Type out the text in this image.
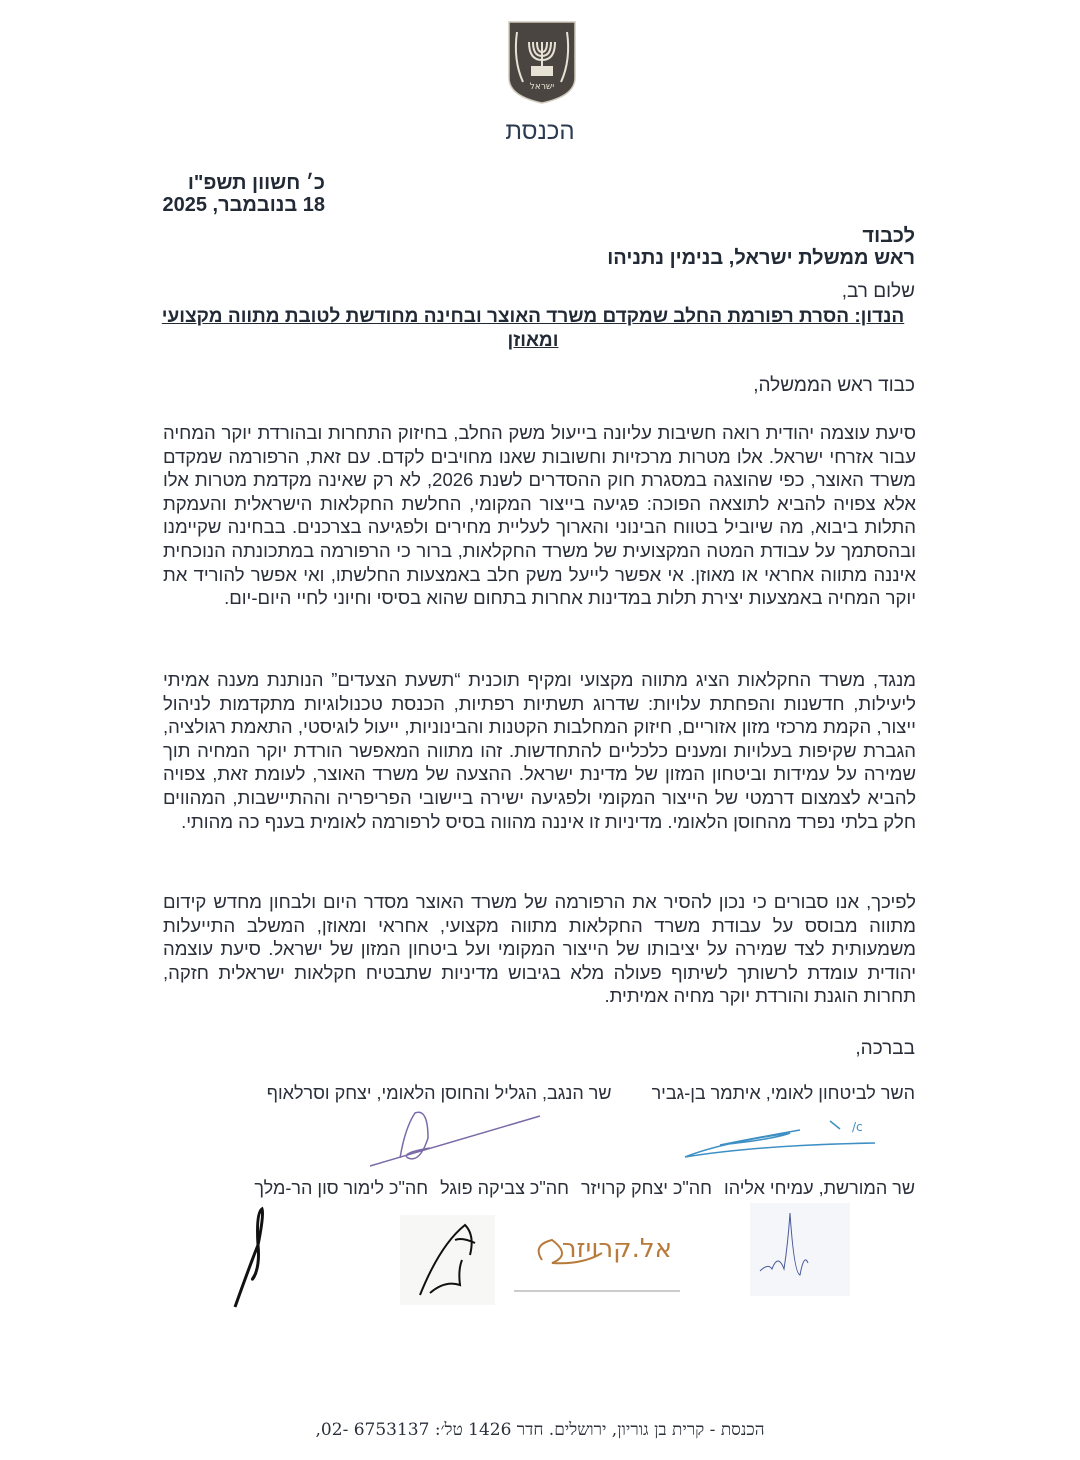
ישראל
הכנסת
כ׳ חשוון תשפ"ו
18 בנובמבר, 2025
לכבוד
ראש ממשלת ישראל, בנימין נתניהו
שלום רב,
הנדון: הסרת רפורמת החלב שמקדם משרד האוצר ובחינה מחודשת לטובת מתווה מקצועי ומאוזן
כבוד ראש הממשלה,
סיעת עוצמה יהודית רואה חשיבות עליונה בייעול משק החלב, בחיזוק התחרות ובהורדת יוקר המחיה עבור אזרחי ישראל. אלו מטרות מרכזיות וחשובות שאנו מחויבים לקדם. עם זאת, הרפורמה שמקדם משרד האוצר, כפי שהוצגה במסגרת חוק ההסדרים לשנת 2026, לא רק שאינה מקדמת מטרות אלו אלא צפויה להביא לתוצאה הפוכה: פגיעה בייצור המקומי, החלשת החקלאות הישראלית והעמקת התלות ביבוא, מה שיוביל בטווח הבינוני והארוך לעליית מחירים ולפגיעה בצרכנים. בבחינה שקיימנו ובהסתמך על עבודת המטה המקצועית של משרד החקלאות, ברור כי הרפורמה במתכונתה הנוכחית איננה מתווה אחראי או מאוזן. אי אפשר לייעל משק חלב באמצעות החלשתו, ואי אפשר להוריד את יוקר המחיה באמצעות יצירת תלות במדינות אחרות בתחום שהוא בסיסי וחיוני לחיי היום-יום.
מנגד, משרד החקלאות הציג מתווה מקצועי ומקיף תוכנית “תשעת הצעדים” הנותנת מענה אמיתי ליעילות, חדשנות והפחתת עלויות: שדרוג תשתיות רפתיות, הכנסת טכנולוגיות מתקדמות לניהול ייצור, הקמת מרכזי מזון אזוריים, חיזוק המחלבות הקטנות והבינוניות, ייעול לוגיסטי, התאמת רגולציה, הגברת שקיפות בעלויות ומענים כלכליים להתחדשות. זהו מתווה המאפשר הורדת יוקר המחיה תוך שמירה על עמידות וביטחון המזון של מדינת ישראל. ההצעה של משרד האוצר, לעומת זאת, צפויה להביא לצמצום דרמטי של הייצור המקומי ולפגיעה ישירה ביישובי הפריפריה וההתיישבות, המהווים חלק בלתי נפרד מהחוסן הלאומי. מדיניות זו איננה מהווה בסיס לרפורמה לאומית בענף כה מהותי.
לפיכך, אנו סבורים כי נכון להסיר את הרפורמה של משרד האוצר מסדר היום ולבחון מחדש קידום מתווה מבוסס על עבודת משרד החקלאות מתווה מקצועי, אחראי ומאוזן, המשלב התייעלות משמעותית לצד שמירה על יציבותו של הייצור המקומי ועל ביטחון המזון של ישראל. סיעת עוצמה יהודית עומדת לרשותך לשיתוף פעולה מלא בגיבוש מדיניות שתבטיח חקלאות ישראלית חזקה, תחרות הוגנת והורדת יוקר מחיה אמיתית.
בברכה,
השר לביטחון לאומי, איתמר בן-גבירשר הנגב, הגליל והחוסן הלאומי, יצחק וסרלאוף
/c
שר המורשת, עמיחי אליהוחה"כ יצחק קרויזרחה"כ צביקה פוגלחה"כ לימור סון הר-מלך
אל.קרויזר
הכנסת - קרית בן גוריון, ירושלים. חדר 1426 טל׳: 6753137 -02,
